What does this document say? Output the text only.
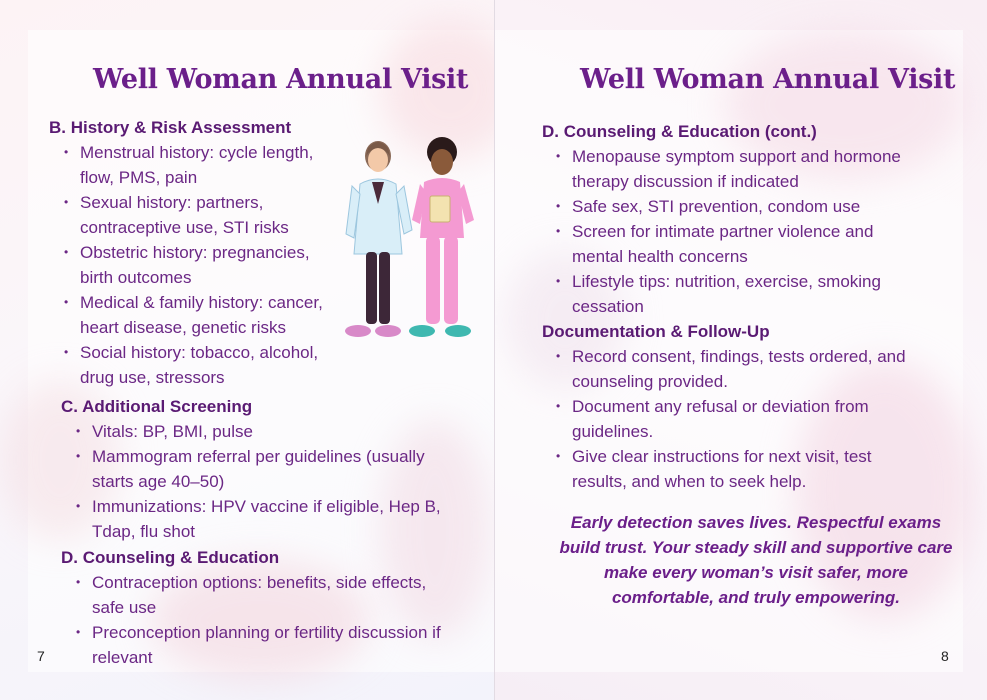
Well Woman Annual Visit
B. History & Risk Assessment
• Menstrual history: cycle length,
flow, PMS, pain
• Sexual history: partners,
contraceptive use, STI risks
• Obstetric history: pregnancies,
birth outcomes
• Medical & family history: cancer,
heart disease, genetic risks
• Social history: tobacco, alcohol,
drug use, stressors
C. Additional Screening
• Vitals: BP, BMI, pulse
• Mammogram referral per guidelines (usually
starts age 40–50)
• Immunizations: HPV vaccine if eligible, Hep B,
Tdap, flu shot
D. Counseling & Education
• Contraception options: benefits, side effects,
safe use
• Preconception planning or fertility discussion if
relevant
7
Well Woman Annual Visit
D. Counseling & Education (cont.)
• Menopause symptom support and hormone
therapy discussion if indicated
• Safe sex, STI prevention, condom use
• Screen for intimate partner violence and
mental health concerns
• Lifestyle tips: nutrition, exercise, smoking
cessation
Documentation & Follow-Up
• Record consent, findings, tests ordered, and
counseling provided.
• Document any refusal or deviation from
guidelines.
• Give clear instructions for next visit, test
results, and when to seek help.

Early detection saves lives. Respectful exams build trust. Your steady skill and supportive care make every woman’s visit safer, more comfortable, and truly empowering.

8
